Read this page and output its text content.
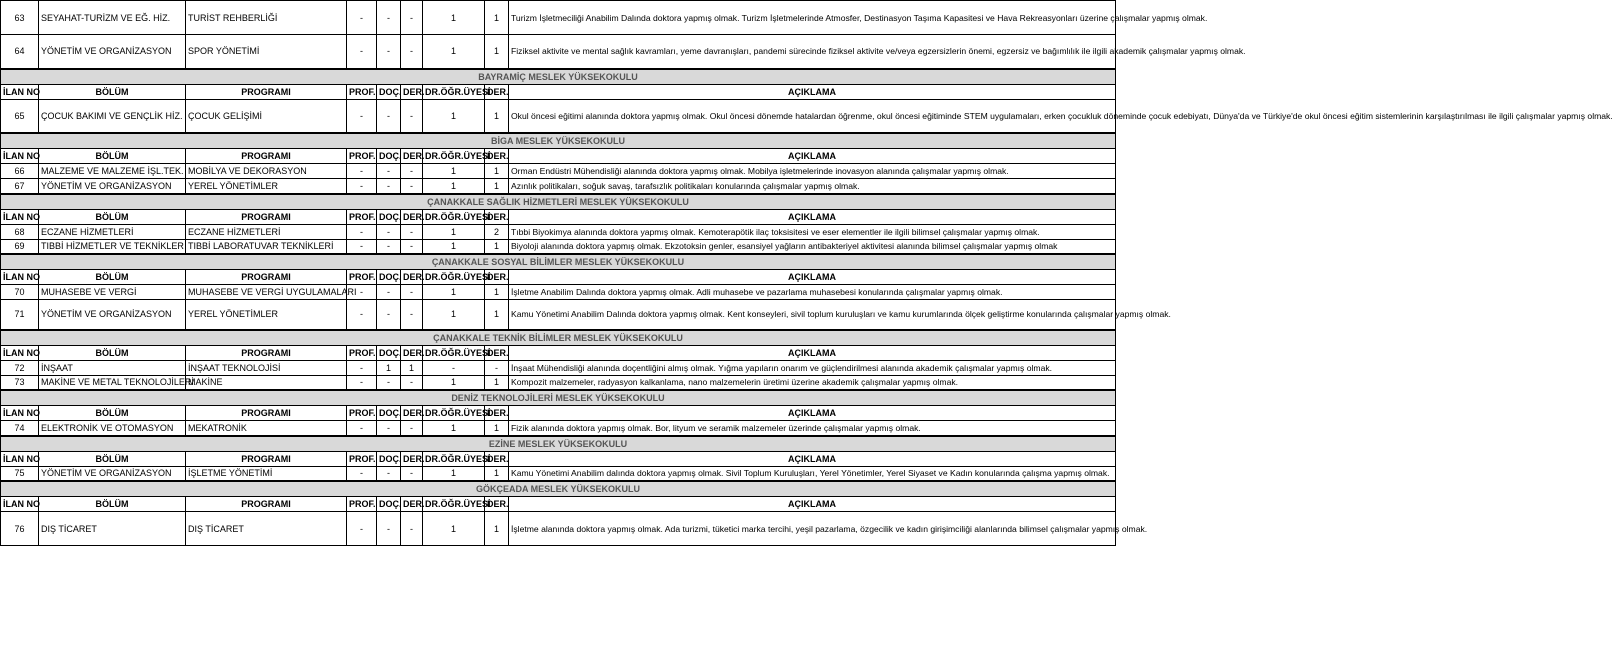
63	SEYAHAT-TURİZM VE EĞ. HİZ.	TURİST REHBERLİĞİ	-	-	-	1	1	Turizm İşletmeciliği Anabilim Dalında doktora yapmış olmak. Turizm İşletmelerinde Atmosfer, Destinasyon Taşıma Kapasitesi ve Hava Rekreasyonları üzerine çalışmalar yapmış olmak.
64	YÖNETİM VE ORGANİZASYON	SPOR YÖNETİMİ	-	-	-	1	1	Fiziksel aktivite ve mental sağlık kavramları, yeme davranışları, pandemi sürecinde fiziksel aktivite ve/veya egzersizlerin önemi, egzersiz ve bağımlılık ile ilgili akademik çalışmalar yapmış olmak.
BAYRAMİÇ MESLEK YÜKSEKOKULU								
İLAN NO	BÖLÜM	PROGRAMI	PROF.	DOÇ.	DER.	DR.ÖĞR.ÜYESİ	DER.	AÇIKLAMA
65	ÇOCUK BAKIMI VE GENÇLİK HİZ.	ÇOCUK GELİŞİMİ	-	-	-	1	1	Okul öncesi eğitimi alanında doktora yapmış olmak. Okul öncesi dönemde hatalardan öğrenme, okul öncesi eğitiminde STEM uygulamaları, erken çocukluk döneminde çocuk edebiyatı, Dünya'da ve Türkiye'de okul öncesi eğitim sistemlerinin karşılaştırılması ile ilgili çalışmalar yapmış olmak.
BİGA MESLEK YÜKSEKOKULU								
İLAN NO	BÖLÜM	PROGRAMI	PROF.	DOÇ.	DER.	DR.ÖĞR.ÜYESİ	DER.	AÇIKLAMA
66	MALZEME VE MALZEME İŞL.TEK.	MOBİLYA VE DEKORASYON	-	-	-	1	1	Orman Endüstri Mühendisliği alanında doktora yapmış olmak. Mobilya işletmelerinde inovasyon alanında çalışmalar yapmış olmak.
67	YÖNETİM VE ORGANİZASYON	YEREL YÖNETİMLER	-	-	-	1	1	Azınlık politikaları, soğuk savaş, tarafsızlık politikaları konularında çalışmalar yapmış olmak.
ÇANAKKALE SAĞLIK HİZMETLERİ MESLEK YÜKSEKOKULU								
İLAN NO	BÖLÜM	PROGRAMI	PROF.	DOÇ.	DER.	DR.ÖĞR.ÜYESİ	DER.	AÇIKLAMA
68	ECZANE HİZMETLERİ	ECZANE HİZMETLERİ	-	-	-	1	2	Tıbbi Biyokimya alanında doktora yapmış olmak. Kemoterapötik ilaç toksisitesi ve eser elementler ile ilgili bilimsel çalışmalar yapmış olmak.
69	TIBBİ HİZMETLER VE TEKNİKLER	TIBBİ LABORATUVAR TEKNİKLERİ	-	-	-	1	1	Biyoloji alanında doktora yapmış olmak. Ekzotoksin genler, esansiyel yağların antibakteriyel aktivitesi alanında bilimsel çalışmalar yapmış olmak
ÇANAKKALE SOSYAL BİLİMLER MESLEK YÜKSEKOKULU								
İLAN NO	BÖLÜM	PROGRAMI	PROF.	DOÇ.	DER.	DR.ÖĞR.ÜYESİ	DER.	AÇIKLAMA
70	MUHASEBE VE VERGİ	MUHASEBE VE VERGİ UYGULAMALARI	-	-	-	1	1	İşletme Anabilim Dalında doktora yapmış olmak. Adli muhasebe ve pazarlama muhasebesi konularında çalışmalar yapmış olmak.
71	YÖNETİM VE ORGANİZASYON	YEREL YÖNETİMLER	-	-	-	1	1	Kamu Yönetimi Anabilim Dalında doktora yapmış olmak. Kent konseyleri, sivil toplum kuruluşları ve kamu kurumlarında ölçek geliştirme konularında çalışmalar yapmış olmak.
ÇANAKKALE TEKNİK BİLİMLER MESLEK YÜKSEKOKULU								
İLAN NO	BÖLÜM	PROGRAMI	PROF.	DOÇ.	DER.	DR.ÖĞR.ÜYESİ	DER.	AÇIKLAMA
72	İNŞAAT	İNŞAAT TEKNOLOJİSİ	-	1	1	-	-	İnşaat Mühendisliği alanında doçentliğini almış olmak. Yığma yapıların onarım ve güçlendirilmesi alanında akademik çalışmalar yapmış olmak.
73	MAKİNE VE METAL TEKNOLOJİLERİ	MAKİNE	-	-	-	1	1	Kompozit malzemeler, radyasyon kalkanlama, nano malzemelerin üretimi üzerine akademik çalışmalar yapmış olmak.
DENİZ TEKNOLOJİLERİ MESLEK YÜKSEKOKULU								
İLAN NO	BÖLÜM	PROGRAMI	PROF.	DOÇ.	DER.	DR.ÖĞR.ÜYESİ	DER.	AÇIKLAMA
74	ELEKTRONİK VE OTOMASYON	MEKATRONİK	-	-	-	1	1	Fizik alanında doktora yapmış olmak. Bor, lityum ve seramik malzemeler üzerinde çalışmalar yapmış olmak.
EZİNE MESLEK YÜKSEKOKULU								
İLAN NO	BÖLÜM	PROGRAMI	PROF.	DOÇ.	DER.	DR.ÖĞR.ÜYESİ	DER.	AÇIKLAMA
75	YÖNETİM VE ORGANİZASYON	İŞLETME YÖNETİMİ	-	-	-	1	1	Kamu Yönetimi Anabilim dalında doktora yapmış olmak. Sivil Toplum Kuruluşları, Yerel Yönetimler, Yerel Siyaset ve Kadın konularında çalışma yapmış olmak.
GÖKÇEADA MESLEK YÜKSEKOKULU								
İLAN NO	BÖLÜM	PROGRAMI	PROF.	DOÇ.	DER.	DR.ÖĞR.ÜYESİ	DER.	AÇIKLAMA
76	DIŞ TİCARET	DIŞ TİCARET	-	-	-	1	1	İşletme alanında doktora yapmış olmak. Ada turizmi, tüketici marka tercihi, yeşil pazarlama, özgecilik ve kadın girişimciliği alanlarında bilimsel çalışmalar yapmış olmak.
